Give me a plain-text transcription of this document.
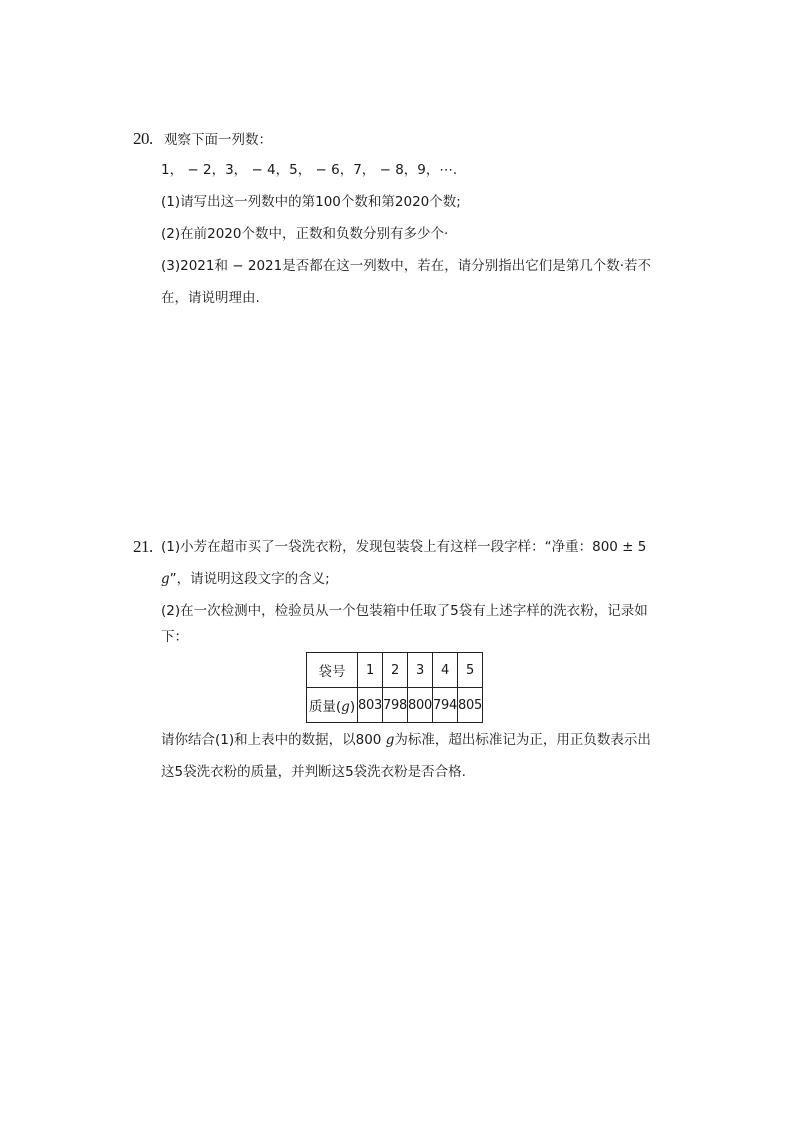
20. 观察下面一列数：
1， − 2，3， − 4，5， − 6，7， − 8，9，⋯.
(1)请写出这一列数中的第100个数和第2020个数;
(2)在前2020个数中，正数和负数分别有多少个·
(3)2021和 − 2021是否都在这一列数中，若在，请分别指出它们是第几个数·若不
在，请说明理由.
21. (1)小芳在超市买了一袋洗衣粉，发现包装袋上有这样一段字样：“净重：800 ± 5
g”，请说明这段文字的含义;
(2)在一次检测中，检验员从一个包装箱中任取了5袋有上述字样的洗衣粉，记录如
下：
袋号	1	2	3	4	5
质量(g)	803	798	800	794	805
请你结合(1)和上表中的数据，以800 g为标准，超出标准记为正，用正负数表示出
这5袋洗衣粉的质量，并判断这5袋洗衣粉是否合格.
